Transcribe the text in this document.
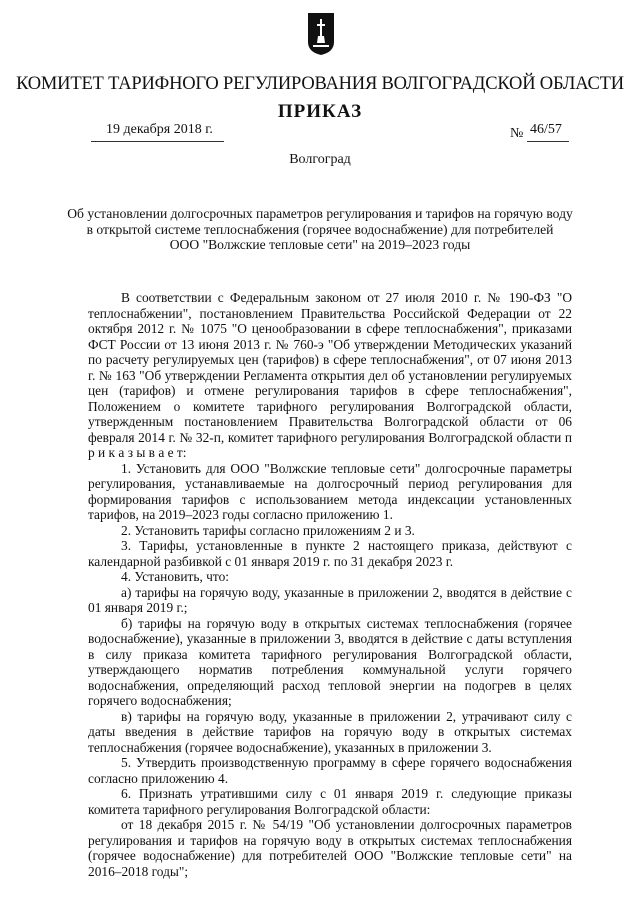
КОМИТЕТ ТАРИФНОГО РЕГУЛИРОВАНИЯ ВОЛГОГРАДСКОЙ ОБЛАСТИ
ПРИКАЗ
19 декабря 2018 г.	№ 46/57
Волгоград
Об установлении долгосрочных параметров регулирования и тарифов на горячую воду
в открытой системе теплоснабжения (горячее водоснабжение) для потребителей
ООО "Волжские тепловые сети" на 2019–2023 годы

В соответствии с Федеральным законом от 27 июля 2010 г. № 190-ФЗ "О теплоснабжении", постановлением Правительства Российской Федерации от 22 октября 2012 г. № 1075 "О ценообразовании в сфере теплоснабжения", приказами ФСТ России от 13 июня 2013 г. № 760-э "Об утверждении Методических указаний по расчету регулируемых цен (тарифов) в сфере теплоснабжения", от 07 июня 2013 г. № 163 "Об утверждении Регламента открытия дел об установлении регулируемых цен (тарифов) и отмене регулирования тарифов в сфере теплоснабжения", Положением о комитете тарифного регулирования Волгоградской области, утвержденным постановлением Правительства Волгоградской области от 06 февраля 2014 г. № 32-п, комитет тарифного регулирования Волгоградской области п р и к а з ы в а е т:

1. Установить для ООО "Волжские тепловые сети" долгосрочные параметры регулирования, устанавливаемые на долгосрочный период регулирования для формирования тарифов с использованием метода индексации установленных тарифов, на 2019–2023 годы согласно приложению 1.

2. Установить тарифы согласно приложениям 2 и 3.

3. Тарифы, установленные в пункте 2 настоящего приказа, действуют с календарной разбивкой с 01 января 2019 г. по 31 декабря 2023 г.

4. Установить, что:

а) тарифы на горячую воду, указанные в приложении 2, вводятся в действие с 01 января 2019 г.;

б) тарифы на горячую воду в открытых системах теплоснабжения (горячее водоснабжение), указанные в приложении 3, вводятся в действие с даты вступления в силу приказа комитета тарифного регулирования Волгоградской области, утверждающего норматив потребления коммунальной услуги горячего водоснабжения, определяющий расход тепловой энергии на подогрев в целях горячего водоснабжения;

в) тарифы на горячую воду, указанные в приложении 2, утрачивают силу с даты введения в действие тарифов на горячую воду в открытых системах теплоснабжения (горячее водоснабжение), указанных в приложении 3.

5. Утвердить производственную программу в сфере горячего водоснабжения согласно приложению 4.

6. Признать утратившими силу с 01 января 2019 г. следующие приказы комитета тарифного регулирования Волгоградской области:

от 18 декабря 2015 г. № 54/19 "Об установлении долгосрочных параметров регулирования и тарифов на горячую воду в открытых системах теплоснабжения (горячее водоснабжение) для потребителей ООО "Волжские тепловые сети" на 2016–2018 годы";
